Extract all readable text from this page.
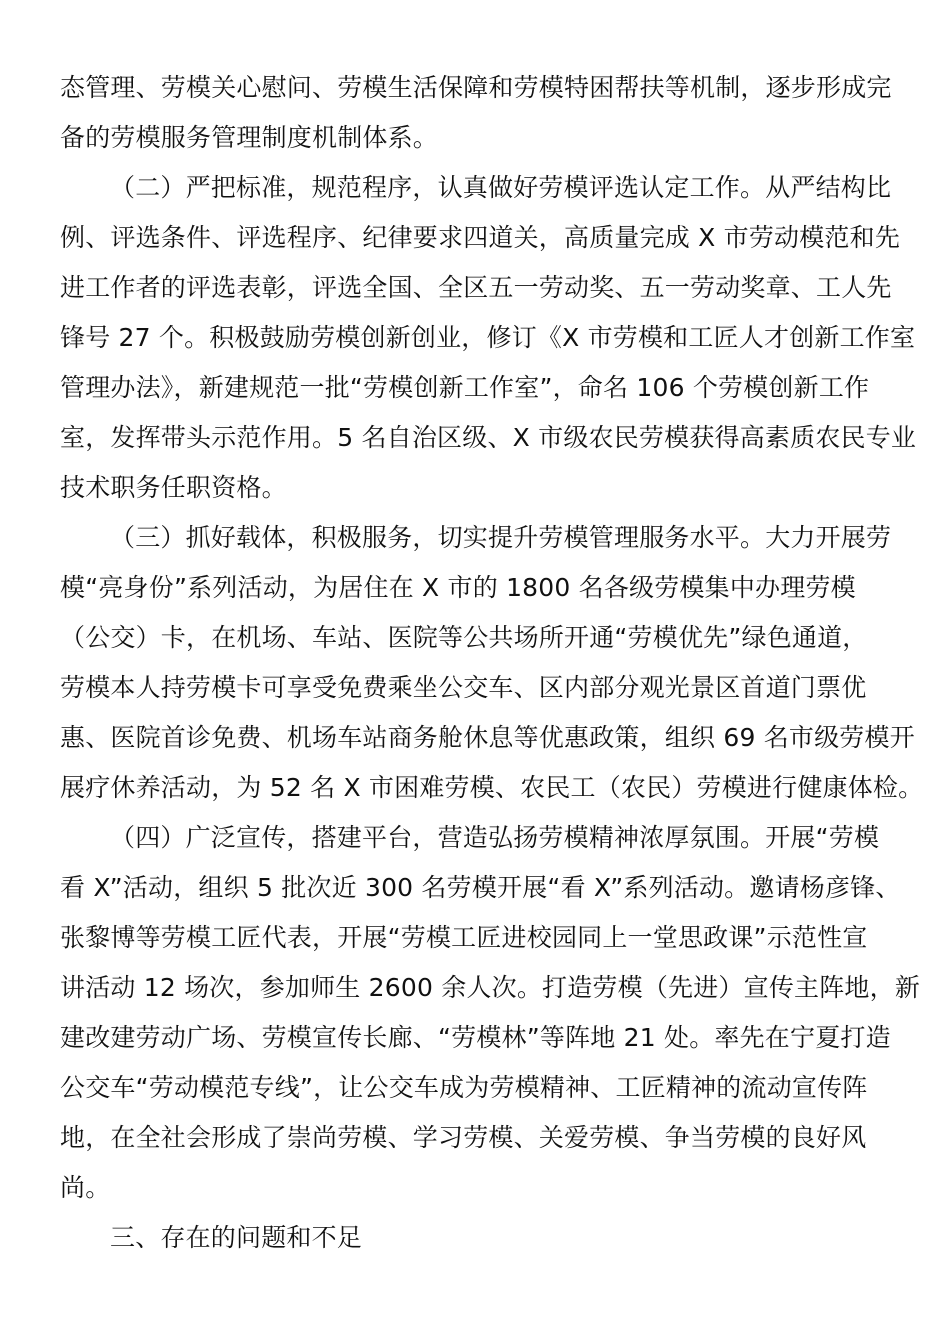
态管理、劳模关心慰问、劳模生活保障和劳模特困帮扶等机制，逐步形成完
备的劳模服务管理制度机制体系。
（二）严把标准，规范程序，认真做好劳模评选认定工作。从严结构比
例、评选条件、评选程序、纪律要求四道关，高质量完成 X 市劳动模范和先
进工作者的评选表彰，评选全国、全区五一劳动奖、五一劳动奖章、工人先
锋号 27 个。积极鼓励劳模创新创业，修订《X 市劳模和工匠人才创新工作室
管理办法》，新建规范一批“劳模创新工作室”，命名 106 个劳模创新工作
室，发挥带头示范作用。5 名自治区级、X 市级农民劳模获得高素质农民专业
技术职务任职资格。
（三）抓好载体，积极服务，切实提升劳模管理服务水平。大力开展劳
模“亮身份”系列活动，为居住在 X 市的 1800 名各级劳模集中办理劳模
（公交）卡，在机场、车站、医院等公共场所开通“劳模优先”绿色通道，
劳模本人持劳模卡可享受免费乘坐公交车、区内部分观光景区首道门票优
惠、医院首诊免费、机场车站商务舱休息等优惠政策，组织 69 名市级劳模开
展疗休养活动，为 52 名 X 市困难劳模、农民工（农民）劳模进行健康体检。
（四）广泛宣传，搭建平台，营造弘扬劳模精神浓厚氛围。开展“劳模
看 X”活动，组织 5 批次近 300 名劳模开展“看 X”系列活动。邀请杨彦锋、
张黎博等劳模工匠代表，开展“劳模工匠进校园同上一堂思政课”示范性宣
讲活动 12 场次，参加师生 2600 余人次。打造劳模（先进）宣传主阵地，新
建改建劳动广场、劳模宣传长廊、“劳模林”等阵地 21 处。率先在宁夏打造
公交车“劳动模范专线”，让公交车成为劳模精神、工匠精神的流动宣传阵
地，在全社会形成了崇尚劳模、学习劳模、关爱劳模、争当劳模的良好风
尚。
三、存在的问题和不足
